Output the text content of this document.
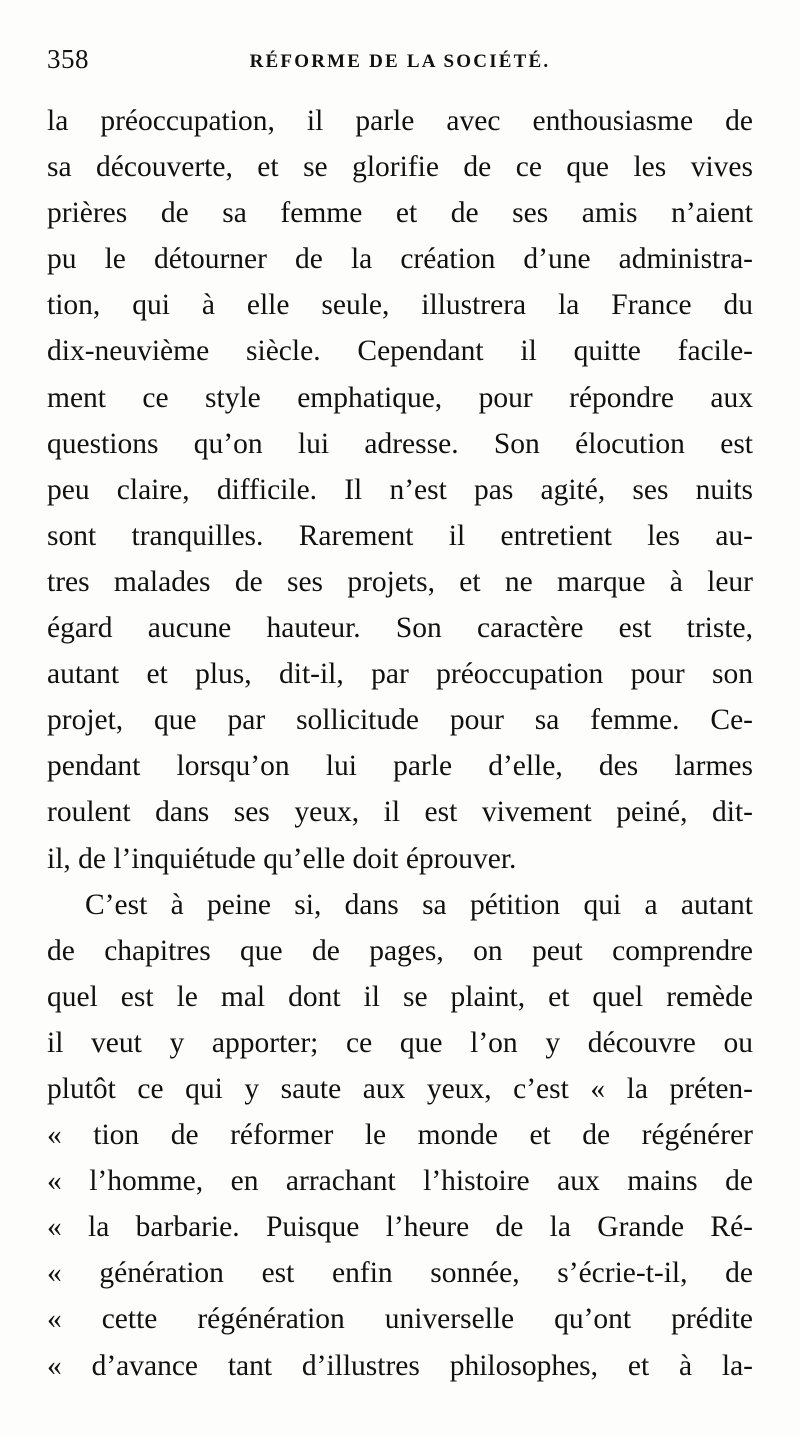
358	RÉFORME DE LA SOCIÉTÉ.
la préoccupation, il parle avec enthousiasme de
sa découverte, et se glorifie de ce que les vives
prières de sa femme et de ses amis n’aient
pu le détourner de la création d’une administra-
tion, qui à elle seule, illustrera la France du
dix-neuvième siècle. Cependant il quitte facile-
ment ce style emphatique, pour répondre aux
questions qu’on lui adresse. Son élocution est
peu claire, difficile. Il n’est pas agité, ses nuits
sont tranquilles. Rarement il entretient les au-
tres malades de ses projets, et ne marque à leur
égard aucune hauteur. Son caractère est triste,
autant et plus, dit-il, par préoccupation pour son
projet, que par sollicitude pour sa femme. Ce-
pendant lorsqu’on lui parle d’elle, des larmes
roulent dans ses yeux, il est vivement peiné, dit-
il, de l’inquiétude qu’elle doit éprouver.
C’est à peine si, dans sa pétition qui a autant
de chapitres que de pages, on peut comprendre
quel est le mal dont il se plaint, et quel remède
il veut y apporter; ce que l’on y découvre ou
plutôt ce qui y saute aux yeux, c’est « la préten-
« tion de réformer le monde et de régénérer
« l’homme, en arrachant l’histoire aux mains de
« la barbarie. Puisque l’heure de la Grande Ré-
« génération est enfin sonnée, s’écrie-t-il, de
« cette régénération universelle qu’ont prédite
« d’avance tant d’illustres philosophes, et à la-
